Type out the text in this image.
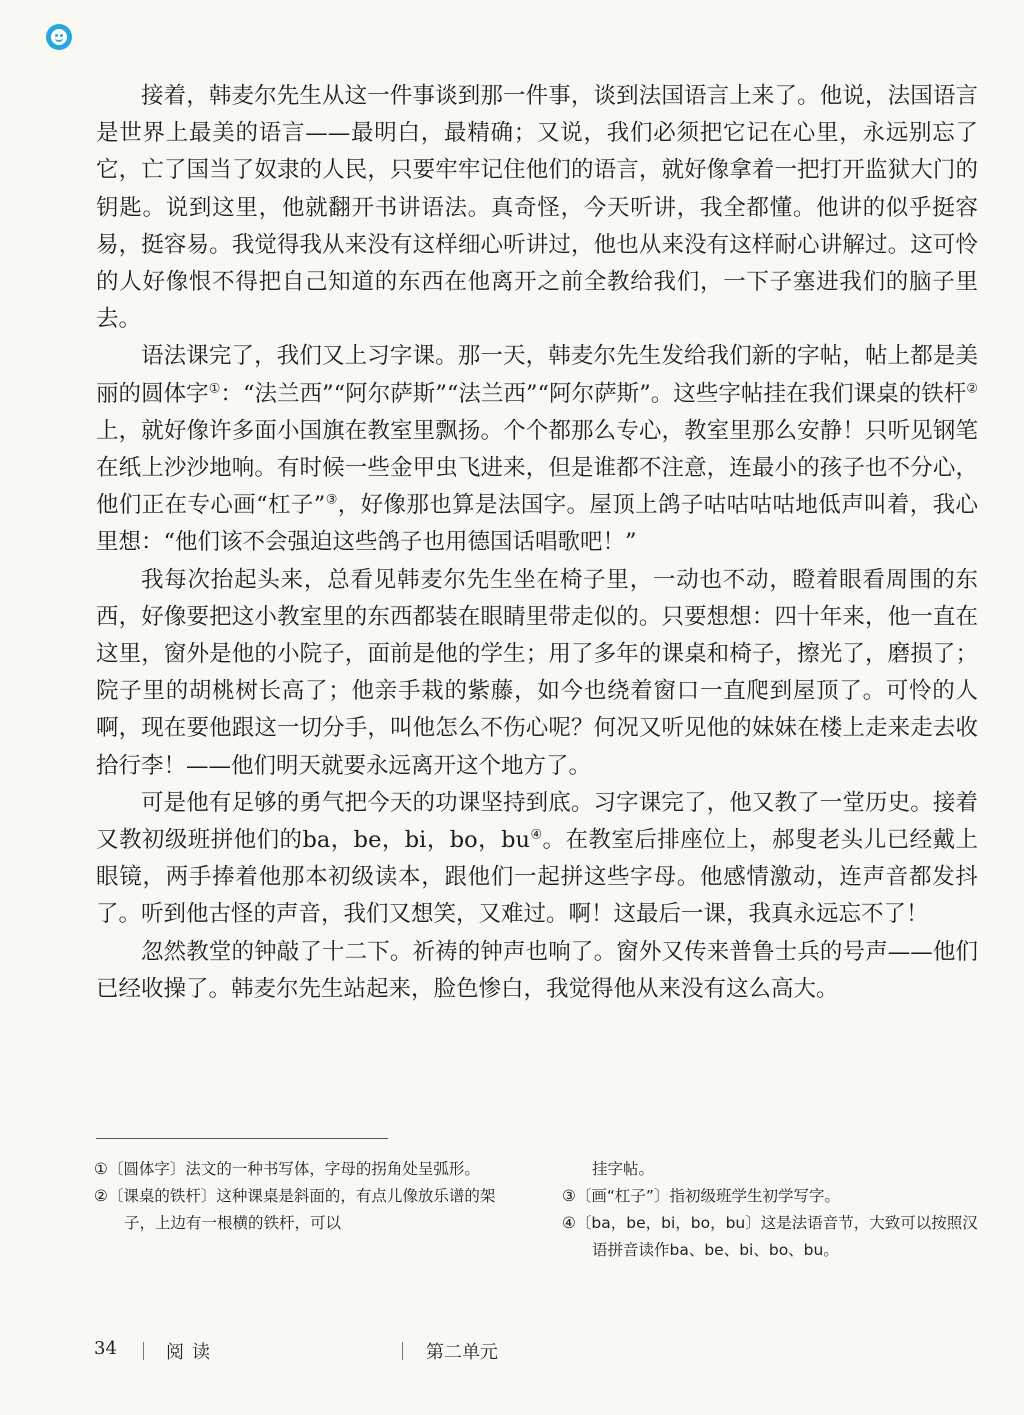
接着，韩麦尔先生从这一件事谈到那一件事，谈到法国语言上来了。他说，法国语言是世界上最美的语言——最明白，最精确；又说，我们必须把它记在心里，永远别忘了它，亡了国当了奴隶的人民，只要牢牢记住他们的语言，就好像拿着一把打开监狱大门的钥匙。说到这里，他就翻开书讲语法。真奇怪，今天听讲，我全都懂。他讲的似乎挺容易，挺容易。我觉得我从来没有这样细心听讲过，他也从来没有这样耐心讲解过。这可怜的人好像恨不得把自己知道的东西在他离开之前全教给我们，一下子塞进我们的脑子里去。

语法课完了，我们又上习字课。那一天，韩麦尔先生发给我们新的字帖，帖上都是美丽的圆体字①：“法兰西”“阿尔萨斯”“法兰西”“阿尔萨斯”。这些字帖挂在我们课桌的铁杆②上，就好像许多面小国旗在教室里飘扬。个个都那么专心，教室里那么安静！只听见钢笔在纸上沙沙地响。有时候一些金甲虫飞进来，但是谁都不注意，连最小的孩子也不分心，他们正在专心画“杠子”③，好像那也算是法国字。屋顶上鸽子咕咕咕咕地低声叫着，我心里想：“他们该不会强迫这些鸽子也用德国话唱歌吧！”

我每次抬起头来，总看见韩麦尔先生坐在椅子里，一动也不动，瞪着眼看周围的东西，好像要把这小教室里的东西都装在眼睛里带走似的。只要想想：四十年来，他一直在这里，窗外是他的小院子，面前是他的学生；用了多年的课桌和椅子，擦光了，磨损了；院子里的胡桃树长高了；他亲手栽的紫藤，如今也绕着窗口一直爬到屋顶了。可怜的人啊，现在要他跟这一切分手，叫他怎么不伤心呢？何况又听见他的妹妹在楼上走来走去收拾行李！——他们明天就要永远离开这个地方了。

可是他有足够的勇气把今天的功课坚持到底。习字课完了，他又教了一堂历史。接着又教初级班拼他们的ba，be，bi，bo，bu④。在教室后排座位上，郝叟老头儿已经戴上眼镜，两手捧着他那本初级读本，跟他们一起拼这些字母。他感情激动，连声音都发抖了。听到他古怪的声音，我们又想笑，又难过。啊！这最后一课，我真永远忘不了！

忽然教堂的钟敲了十二下。祈祷的钟声也响了。窗外又传来普鲁士兵的号声——他们已经收操了。韩麦尔先生站起来，脸色惨白，我觉得他从来没有这么高大。

①〔圆体字〕法文的一种书写体，字母的拐角处呈弧形。

②〔课桌的铁杆〕这种课桌是斜面的，有点儿像放乐谱的架子，上边有一根横的铁杆，可以

挂字帖。

③〔画“杠子”〕指初级班学生初学写字。

④〔ba，be，bi，bo，bu〕这是法语音节，大致可以按照汉语拼音读作ba、be、bi、bo、bu。

34	阅读	第二单元
